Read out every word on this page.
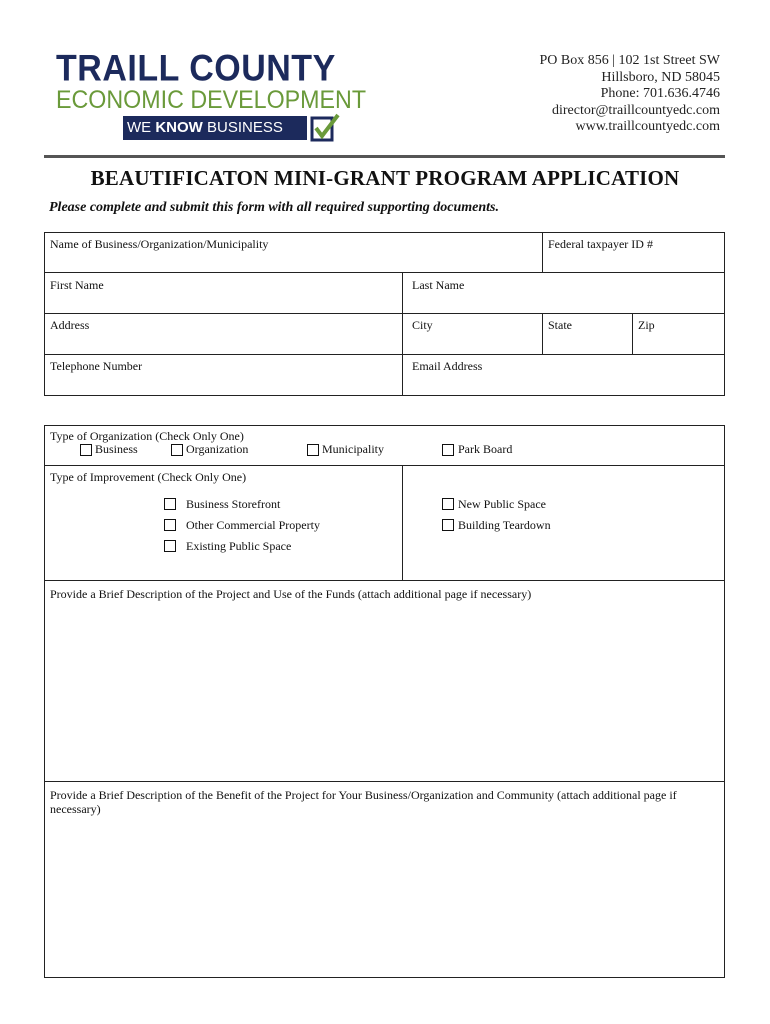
TRAILL COUNTY
ECONOMIC DEVELOPMENT
WE KNOW BUSINESS
PO Box 856 | 102 1st Street SW
Hillsboro, ND 58045
Phone: 701.636.4746
director@traillcountyedc.com
www.traillcountyedc.com
BEAUTIFICATON MINI-GRANT PROGRAM APPLICATION
Please complete and submit this form with all required supporting documents.
Name of Business/Organization/Municipality	Federal taxpayer ID #
First Name	Last Name
Address	City	State	Zip
Telephone Number	Email Address
Type of Organization (Check Only One)
Business	Organization	Municipality	Park Board
Type of Improvement (Check Only One)
Business Storefront
Other Commercial Property
Existing Public Space
New Public Space
Building Teardown
Provide a Brief Description of the Project and Use of the Funds (attach additional page if necessary)
Provide a Brief Description of the Benefit of the Project for Your Business/Organization and Community (attach additional page if necessary)
